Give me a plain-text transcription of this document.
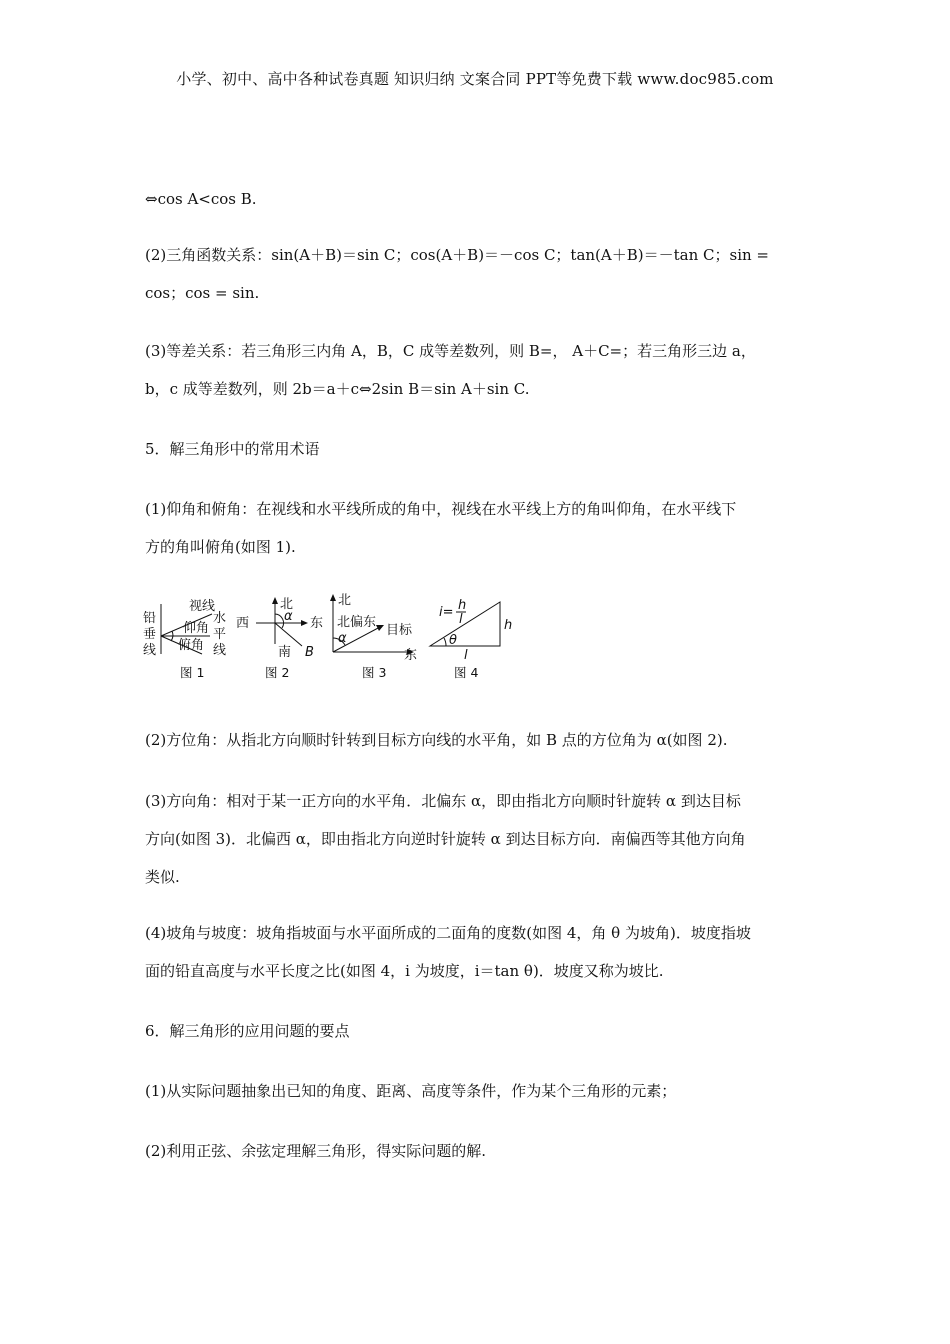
小学、初中、高中各种试卷真题 知识归纳 文案合同 PPT等免费下载 www.doc985.com
⇔cos A<cos B.
(2)三角函数关系：sin(A＋B)＝sin C；cos(A＋B)＝－cos C；tan(A＋B)＝－tan C；sin =
cos；cos = sin.
(3)等差关系：若三角形三内角 A，B，C 成等差数列，则 B=， A＋C=；若三角形三边 a，
b，c 成等差数列，则 2b＝a＋c⇔2sin B＝sin A＋sin C.
5．解三角形中的常用术语
(1)仰角和俯角：在视线和水平线所成的角中，视线在水平线上方的角叫仰角，在水平线下
方的角叫俯角(如图 1).
铅
垂
线
视线
仰角
俯角
水
平
线
图 1
北
西	东
南
α
B
图 2
北
北偏东
目标
α
东
图 3
i= h
l
θ
h
l
图 4
(2)方位角：从指北方向顺时针转到目标方向线的水平角，如 B 点的方位角为 α(如图 2).
(3)方向角：相对于某一正方向的水平角．北偏东 α，即由指北方向顺时针旋转 α 到达目标
方向(如图 3)．北偏西 α，即由指北方向逆时针旋转 α 到达目标方向．南偏西等其他方向角
类似.
(4)坡角与坡度：坡角指坡面与水平面所成的二面角的度数(如图 4，角 θ 为坡角)．坡度指坡
面的铅直高度与水平长度之比(如图 4，i 为坡度，i＝tan θ)．坡度又称为坡比.
6．解三角形的应用问题的要点
(1)从实际问题抽象出已知的角度、距离、高度等条件，作为某个三角形的元素；
(2)利用正弦、余弦定理解三角形，得实际问题的解.
